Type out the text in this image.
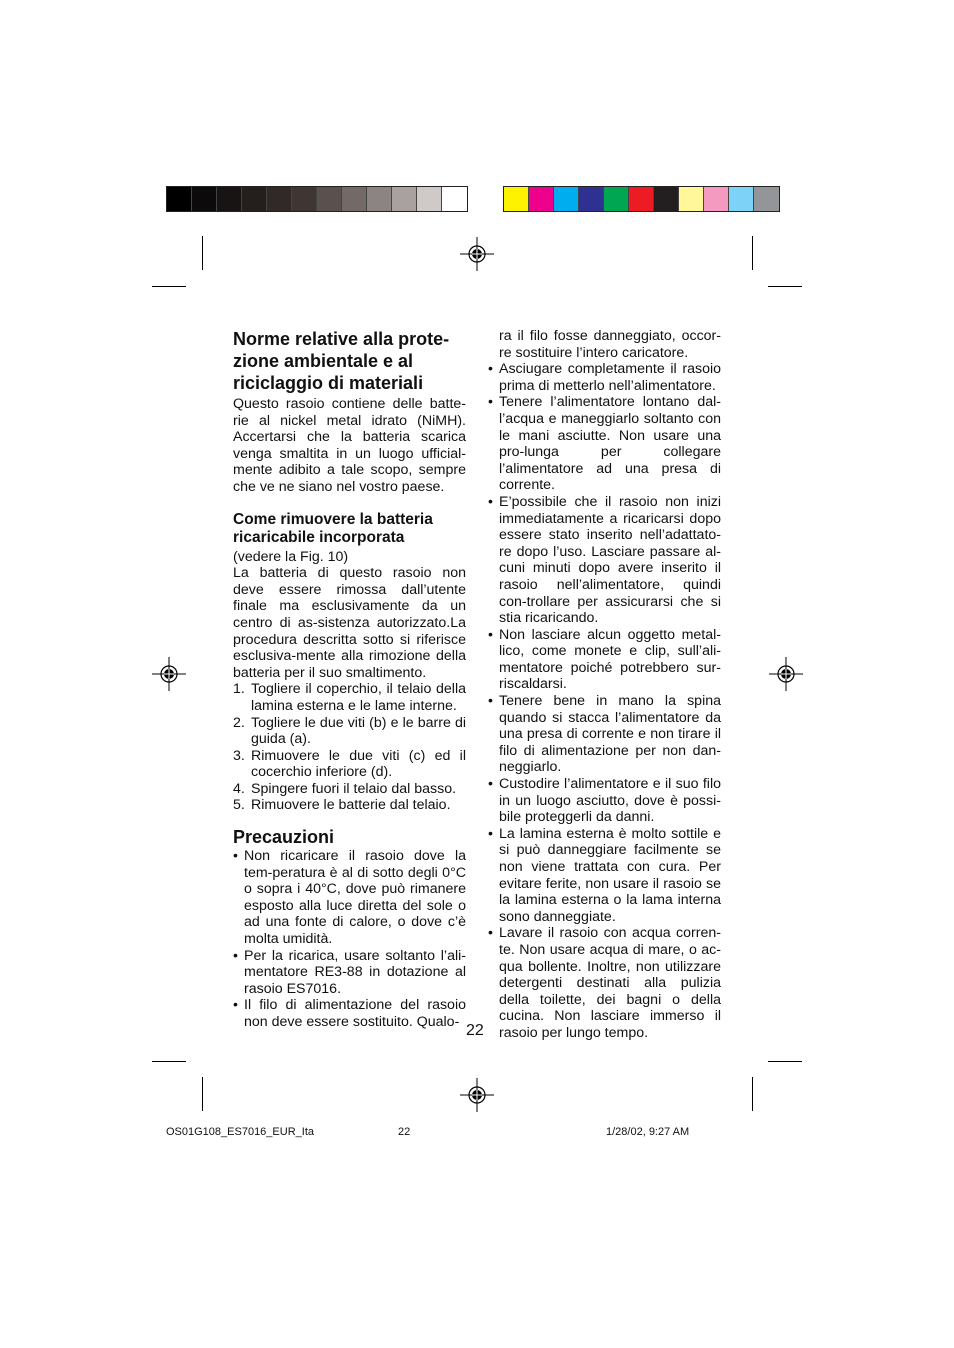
Norme relative alla prote-
zione ambientale e al
riciclaggio di materiali

Questo rasoio contiene delle batte-rie al nickel metal idrato (NiMH). Accertarsi che la batteria scarica venga smaltita in un luogo ufficial-mente adibito a tale scopo, sempre che ve ne siano nel vostro paese.

Come rimuovere la batteria ricaricabile incorporata

(vedere la Fig. 10)

La batteria di questo rasoio non deve essere rimossa dall’utente finale ma esclusivamente da un centro di as-sistenza autorizzato.La procedura descritta sotto si riferisce esclusiva-mente alla rimozione della batteria per il suo smaltimento.

1. Togliere il coperchio, il telaio della lamina esterna e le lame interne.
2. Togliere le due viti (b) e le barre di guida (a).
3. Rimuovere le due viti (c) ed il cocerchio inferiore (d).
4. Spingere fuori il telaio dal basso.
5. Rimuovere le batterie dal telaio.
Precauzioni
• Non ricaricare il rasoio dove la tem-peratura è al di sotto degli 0°C o sopra i 40°C, dove può rimanere esposto alla luce diretta del sole o ad una fonte di calore, o dove c’è molta umidità.
• Per la ricarica, usare soltanto l’ali-mentatore RE3-88 in dotazione al rasoio ES7016.
• Il filo di alimentazione del rasoio non deve essere sostituito. Qualo-

ra il filo fosse danneggiato, occor-re sostituire l’intero caricatore.

• Asciugare completamente il rasoio prima di metterlo nell’alimentatore.
• Tenere l’alimentatore lontano dal-l’acqua e maneggiarlo soltanto con le mani asciutte. Non usare una pro-lunga per collegare l’alimentatore ad una presa di corrente.
• E’possibile che il rasoio non inizi immediatamente a ricaricarsi dopo essere stato inserito nell’adattato-re dopo l’uso. Lasciare passare al-cuni minuti dopo avere inserito il rasoio nell’alimentatore, quindi con-trollare per assicurarsi che si stia ricaricando.
• Non lasciare alcun oggetto metal-lico, come monete e clip, sull’ali-mentatore poiché potrebbero sur-riscaldarsi.
• Tenere bene in mano la spina quando si stacca l’alimentatore da una presa di corrente e non tirare il filo di alimentazione per non dan-neggiarlo.
• Custodire l’alimentatore e il suo filo in un luogo asciutto, dove è possi-bile proteggerli da danni.
• La lamina esterna è molto sottile e si può danneggiare facilmente se non viene trattata con cura. Per evitare ferite, non usare il rasoio se la lamina esterna o la lama interna sono danneggiate.
• Lavare il rasoio con acqua corren-te. Non usare acqua di mare, o ac-qua bollente. Inoltre, non utilizzare detergenti destinati alla pulizia della toilette, dei bagni o della cucina. Non lasciare immerso il rasoio per lungo tempo.
22
OS01G108_ES7016_EUR_Ita	22	1/28/02, 9:27 AM
